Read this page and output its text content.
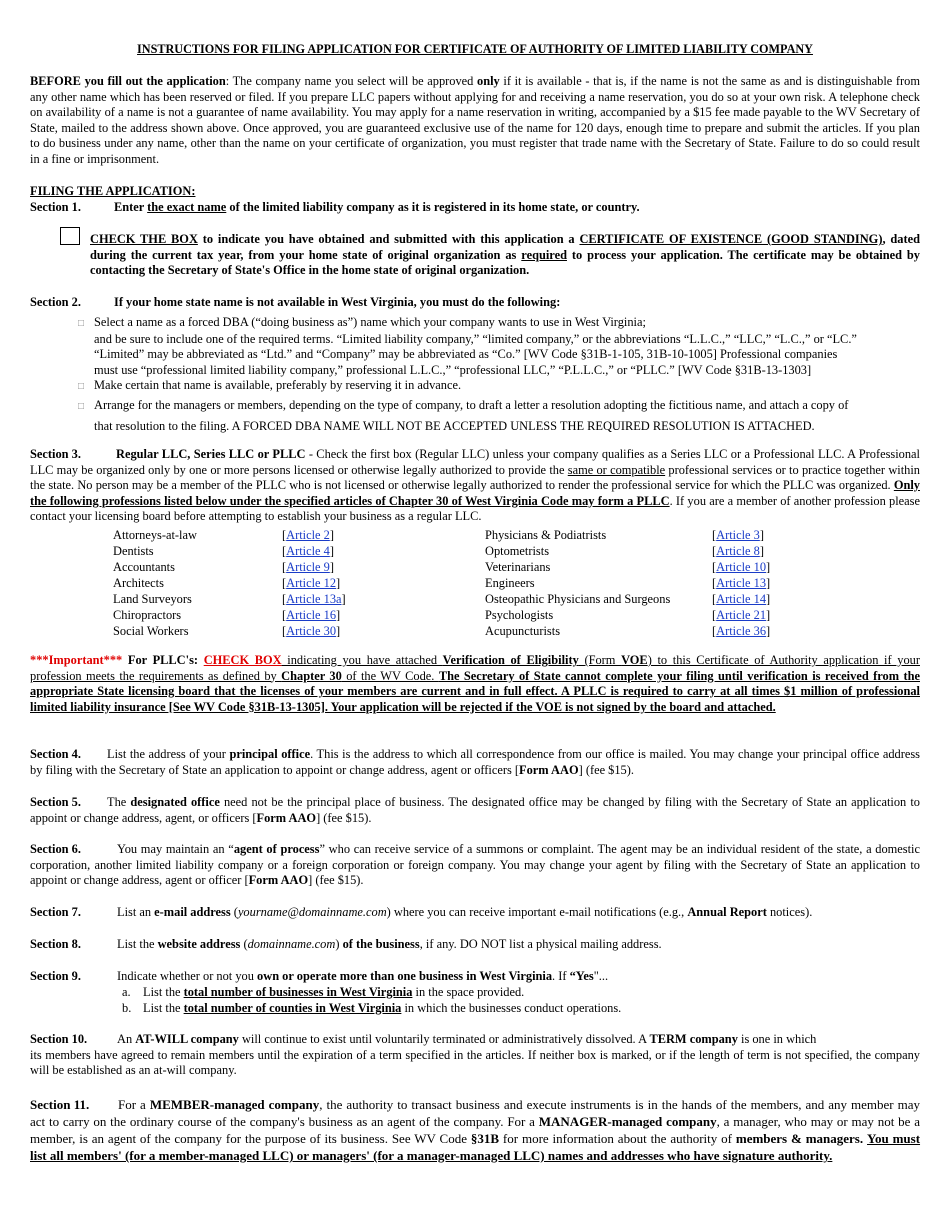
INSTRUCTIONS FOR FILING APPLICATION FOR CERTIFICATE OF AUTHORITY OF LIMITED LIABILITY COMPANY
BEFORE you fill out the application: The company name you select will be approved only if it is available - that is, if the name is not the same as and is distinguishable from any other name which has been reserved or filed. If you prepare LLC papers without applying for and receiving a name reservation, you do so at your own risk. A telephone check on availability of a name is not a guarantee of name availability. You may apply for a name reservation in writing, accompanied by a $15 fee made payable to the WV Secretary of State, mailed to the address shown above. Once approved, you are guaranteed exclusive use of the name for 120 days, enough time to prepare and submit the articles. If you plan to do business under any name, other than the name on your certificate of organization, you must register that trade name with the Secretary of State. Failure to do so could result in a fine or imprisonment.
FILING THE APPLICATION:
Section 1.	Enter the exact name of the limited liability company as it is registered in its home state, or country.
CHECK THE BOX to indicate you have obtained and submitted with this application a CERTIFICATE OF EXISTENCE (GOOD STANDING), dated during the current tax year, from your home state of original organization as required to process your application. The certificate may be obtained by contacting the Secretary of State's Office in the home state of original organization.
Section 2.	If your home state name is not available in West Virginia, you must do the following:
□ Select a name as a forced DBA (“doing business as”) name which your company wants to use in West Virginia;
and be sure to include one of the required terms. “Limited liability company,” “limited company,” or the abbreviations “L.L.C.,” “LLC,” “L.C.,” or “LC.”
“Limited” may be abbreviated as “Ltd.” and “Company” may be abbreviated as “Co.” [WV Code §31B-1-105, 31B-10-1005] Professional companies
must use “professional limited liability company,” professional L.L.C.,” “professional LLC,” “P.L.L.C.,” or “PLLC.” [WV Code §31B-13-1303]
□ Make certain that name is available, preferably by reserving it in advance.
□ Arrange for the managers or members, depending on the type of company, to draft a letter a resolution adopting the fictitious name, and attach a copy of
that resolution to the filing. A FORCED DBA NAME WILL NOT BE ACCEPTED UNLESS THE REQUIRED RESOLUTION IS ATTACHED.
Section 3.	Regular LLC, Series LLC or PLLC - Check the first box (Regular LLC) unless your company qualifies as a Series LLC or a Professional LLC. A Professional LLC may be organized only by one or more persons licensed or otherwise legally authorized to provide the same or compatible professional services or to practice together within the state. No person may be a member of the PLLC who is not licensed or otherwise legally authorized to render the professional service for which the PLLC was organized. Only the following professions listed below under the specified articles of Chapter 30 of West Virginia Code may form a PLLC. If you are a member of another profession please contact your licensing board before attempting to establish your business as a regular LLC.
Attorneys-at-law	[Article 2]	Physicians & Podiatrists	[Article 3]
Dentists	[Article 4]	Optometrists	[Article 8]
Accountants	[Article 9]	Veterinarians	[Article 10]
Architects	[Article 12]	Engineers	[Article 13]
Land Surveyors	[Article 13a]	Osteopathic Physicians and Surgeons	[Article 14]
Chiropractors	[Article 16]	Psychologists	[Article 21]
Social Workers	[Article 30]	Acupuncturists	[Article 36]
***Important*** For PLLC's: CHECK BOX indicating you have attached Verification of Eligibility (Form VOE) to this Certificate of Authority application if your profession meets the requirements as defined by Chapter 30 of the WV Code. The Secretary of State cannot complete your filing until verification is received from the appropriate State licensing board that the licenses of your members are current and in full effect. A PLLC is required to carry at all times $1 million of professional limited liability insurance [See WV Code §31B-13-1305]. Your application will be rejected if the VOE is not signed by the board and attached.
Section 4. List the address of your principal office. This is the address to which all correspondence from our office is mailed. You may change your principal office address by filing with the Secretary of State an application to appoint or change address, agent or officers [Form AAO] (fee $15).
Section 5. The designated office need not be the principal place of business. The designated office may be changed by filing with the Secretary of State an application to appoint or change address, agent, or officers [Form AAO] (fee $15).
Section 6.	You may maintain an “agent of process” who can receive service of a summons or complaint. The agent may be an individual resident of the state, a domestic corporation, another limited liability company or a foreign corporation or foreign company. You may change your agent by filing with the Secretary of State an application to appoint or change address, agent or officer [Form AAO] (fee $15).
Section 7.	List an e-mail address (yourname@domainname.com) where you can receive important e-mail notifications (e.g., Annual Report notices).
Section 8.	List the website address (domainname.com) of the business, if any. DO NOT list a physical mailing address.
Section 9.	Indicate whether or not you own or operate more than one business in West Virginia. If “Yes"...
a. List the total number of businesses in West Virginia in the space provided.
b. List the total number of counties in West Virginia in which the businesses conduct operations.
Section 10. An AT-WILL company will continue to exist until voluntarily terminated or administratively dissolved. A TERM company is one in which
its members have agreed to remain members until the expiration of a term specified in the articles. If neither box is marked, or if the length of term is not specified, the company will be established as an at-will company.
Section 11. For a MEMBER-managed company, the authority to transact business and execute instruments is in the hands of the members, and any member may act to carry on the ordinary course of the company's business as an agent of the company. For a MANAGER-managed company, a manager, who may or may not be a member, is an agent of the company for the purpose of its business. See WV Code §31B for more information about the authority of members & managers. You must list all members' (for a member-managed LLC) or managers' (for a manager-managed LLC) names and addresses who have signature authority.
